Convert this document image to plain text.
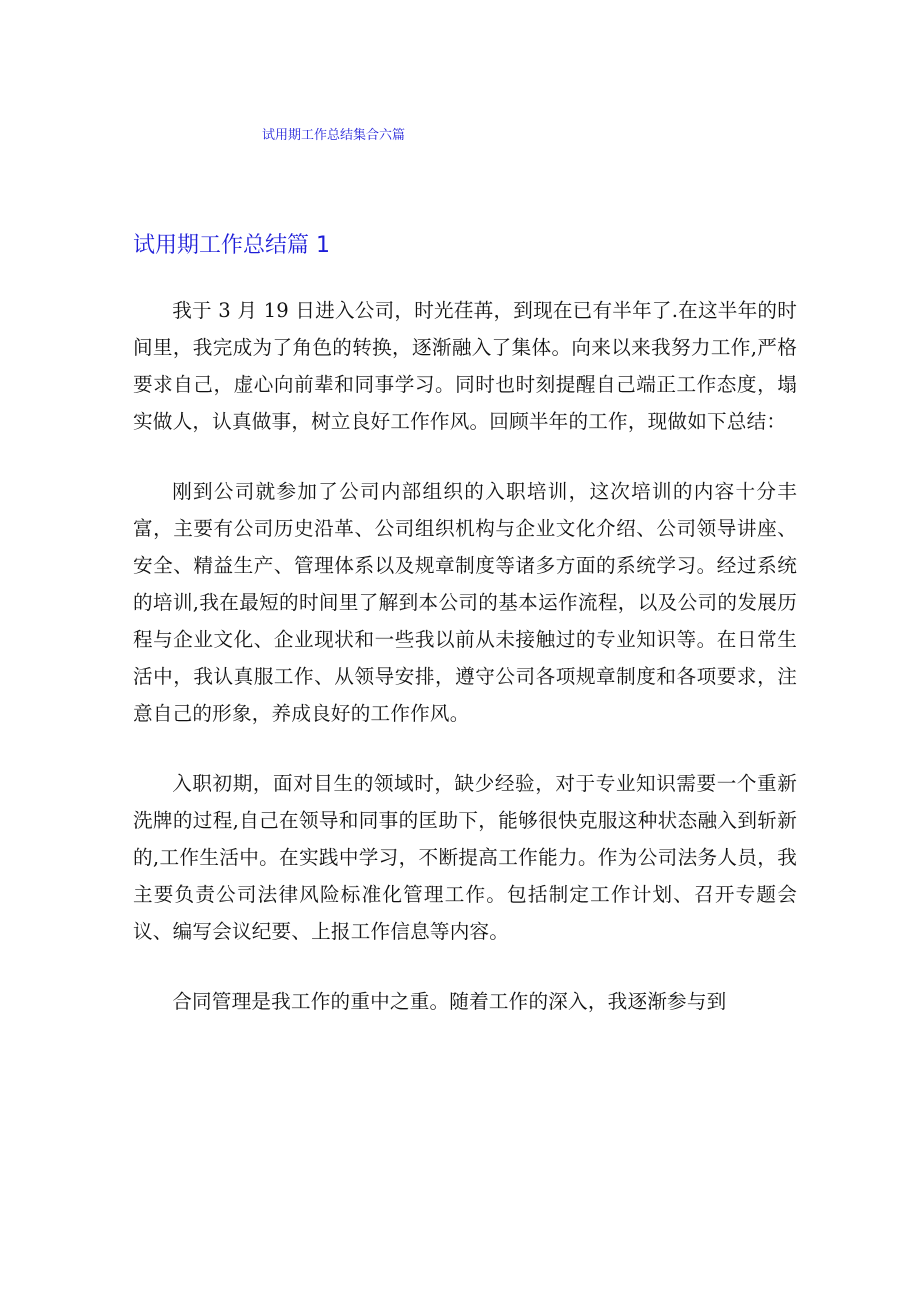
试用期工作总结集合六篇
试用期工作总结篇 1

我于 3 月 19 日进入公司，时光荏苒，到现在已有半年了.在这半年的时间里，我完成为了角色的转换，逐渐融入了集体。向来以来我努力工作,严格要求自己，虚心向前辈和同事学习。同时也时刻提醒自己端正工作态度，塌实做人，认真做事，树立良好工作作风。回顾半年的工作，现做如下总结：

刚到公司就参加了公司内部组织的入职培训，这次培训的内容十分丰富，主要有公司历史沿革、公司组织机构与企业文化介绍、公司领导讲座、安全、精益生产、管理体系以及规章制度等诸多方面的系统学习。经过系统的培训,我在最短的时间里了解到本公司的基本运作流程，以及公司的发展历程与企业文化、企业现状和一些我以前从未接触过的专业知识等。在日常生活中，我认真服工作、从领导安排，遵守公司各项规章制度和各项要求，注意自己的形象，养成良好的工作作风。

入职初期，面对目生的领域时，缺少经验，对于专业知识需要一个重新洗牌的过程,自己在领导和同事的匡助下，能够很快克服这种状态融入到斩新的,工作生活中。在实践中学习，不断提高工作能力。作为公司法务人员，我主要负责公司法律风险标准化管理工作。包括制定工作计划、召开专题会议、编写会议纪要、上报工作信息等内容。

合同管理是我工作的重中之重。随着工作的深入，我逐渐参与到
